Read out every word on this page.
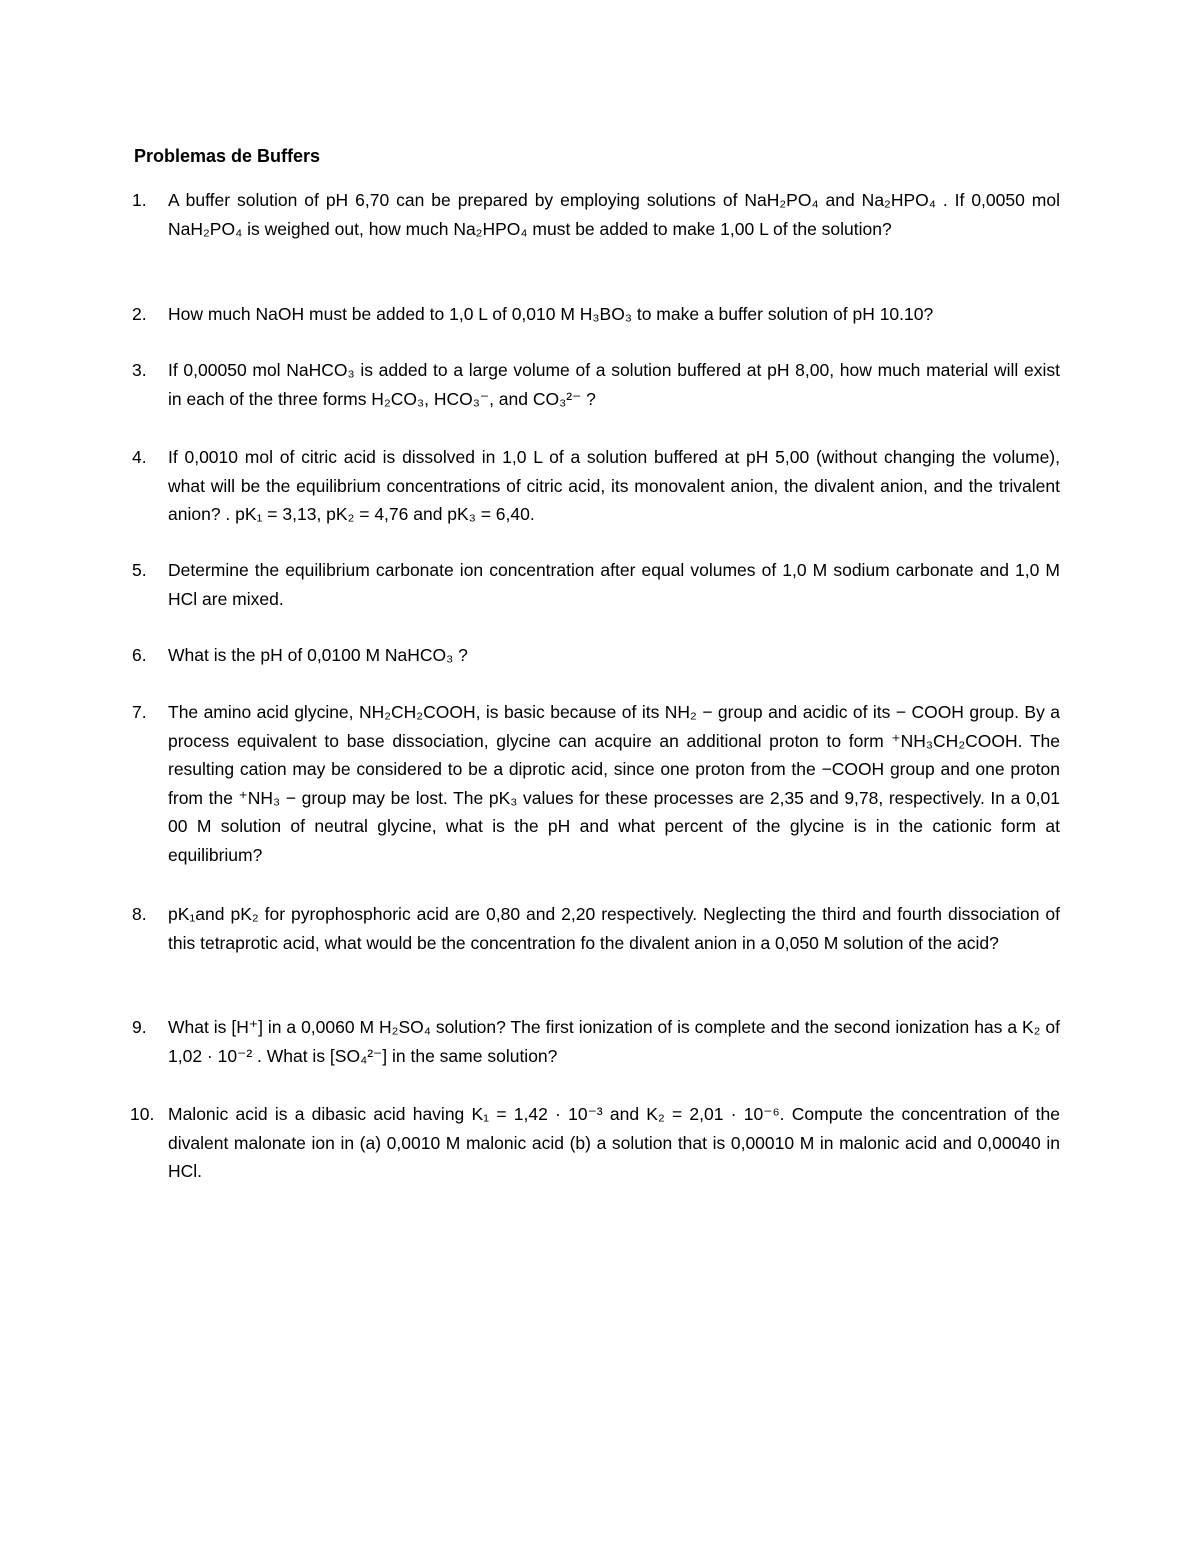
Problemas de Buffers
1.	A buffer solution of pH 6,70 can be prepared by employing solutions of NaH₂PO₄ and Na₂HPO₄ . If 0,0050 mol NaH₂PO₄ is weighed out, how much Na₂HPO₄ must be added to make 1,00 L of the solution?
2.	How much NaOH must be added to 1,0 L of 0,010 M H₃BO₃ to make a buffer solution of pH 10.10?
3.	If 0,00050 mol NaHCO₃ is added to a large volume of a solution buffered at pH 8,00, how much material will exist in each of the three forms H₂CO₃, HCO₃⁻, and CO₃²⁻ ?
4.	If 0,0010 mol of citric acid is dissolved in 1,0 L of a solution buffered at pH 5,00 (without changing the volume), what will be the equilibrium concentrations of citric acid, its monovalent anion, the divalent anion, and the trivalent anion? . pK₁ = 3,13, pK₂ = 4,76 and pK₃ = 6,40.
5.	Determine the equilibrium carbonate ion concentration after equal volumes of 1,0 M sodium carbonate and 1,0 M HCl are mixed.
6.	What is the pH of 0,0100 M NaHCO₃ ?
7.	The amino acid glycine, NH₂CH₂COOH, is basic because of its NH₂ − group and acidic of its − COOH group. By a process equivalent to base dissociation, glycine can acquire an additional proton to form ⁺NH₃CH₂COOH. The resulting cation may be considered to be a diprotic acid, since one proton from the −COOH group and one proton from the ⁺NH₃ − group may be lost. The pK₃ values for these processes are 2,35 and 9,78, respectively. In a 0,01 00 M solution of neutral glycine, what is the pH and what percent of the glycine is in the cationic form at equilibrium?
8.	pK₁and pK₂ for pyrophosphoric acid are 0,80 and 2,20 respectively. Neglecting the third and fourth dissociation of this tetraprotic acid, what would be the concentration fo the divalent anion in a 0,050 M solution of the acid?
9.	What is [H⁺] in a 0,0060 M H₂SO₄ solution? The first ionization of is complete and the second ionization has a K₂ of 1,02 · 10⁻² . What is [SO₄²⁻] in the same solution?
10. Malonic acid is a dibasic acid having K₁ = 1,42 · 10⁻³ and K₂ = 2,01 · 10⁻⁶. Compute the concentration of the divalent malonate ion in (a) 0,0010 M malonic acid (b) a solution that is 0,00010 M in malonic acid and 0,00040 in HCl.
